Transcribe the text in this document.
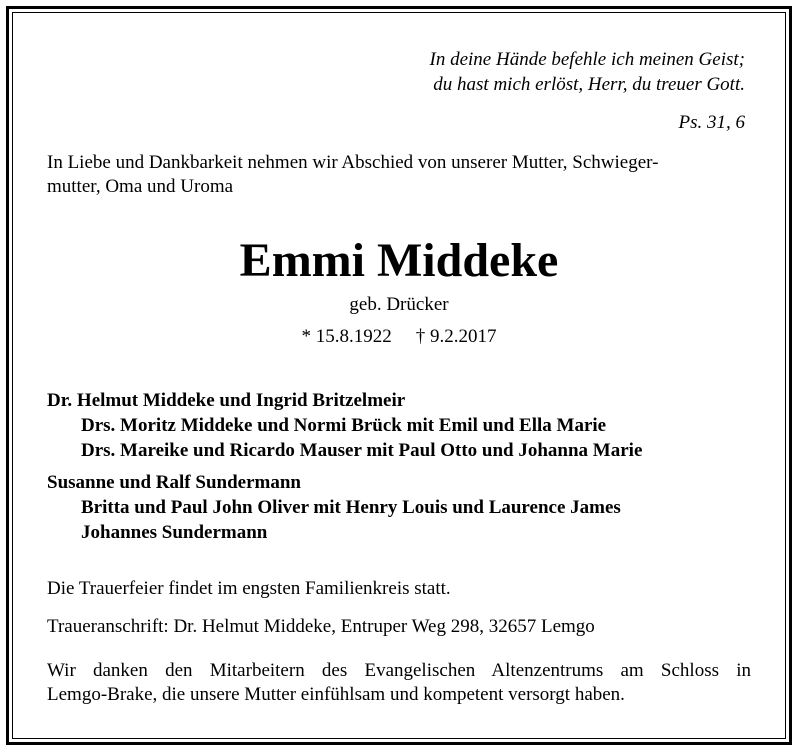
In deine Hände befehle ich meinen Geist;
du hast mich erlöst, Herr, du treuer Gott.
Ps. 31, 6
In Liebe und Dankbarkeit nehmen wir Abschied von unserer Mutter, Schwieger-
mutter, Oma und Uroma
Emmi Middeke
geb. Drücker
* 15.8.1922 † 9.2.2017
Dr. Helmut Middeke und Ingrid Britzelmeir
Drs. Moritz Middeke und Normi Brück mit Emil und Ella Marie
Drs. Mareike und Ricardo Mauser mit Paul Otto und Johanna Marie
Susanne und Ralf Sundermann
Britta und Paul John Oliver mit Henry Louis und Laurence James
Johannes Sundermann
Die Trauerfeier findet im engsten Familienkreis statt.
Traueranschrift: Dr. Helmut Middeke, Entruper Weg 298, 32657 Lemgo
Wir danken den Mitarbeitern des Evangelischen Altenzentrums am Schloss in
Lemgo-Brake, die unsere Mutter einfühlsam und kompetent versorgt haben.
